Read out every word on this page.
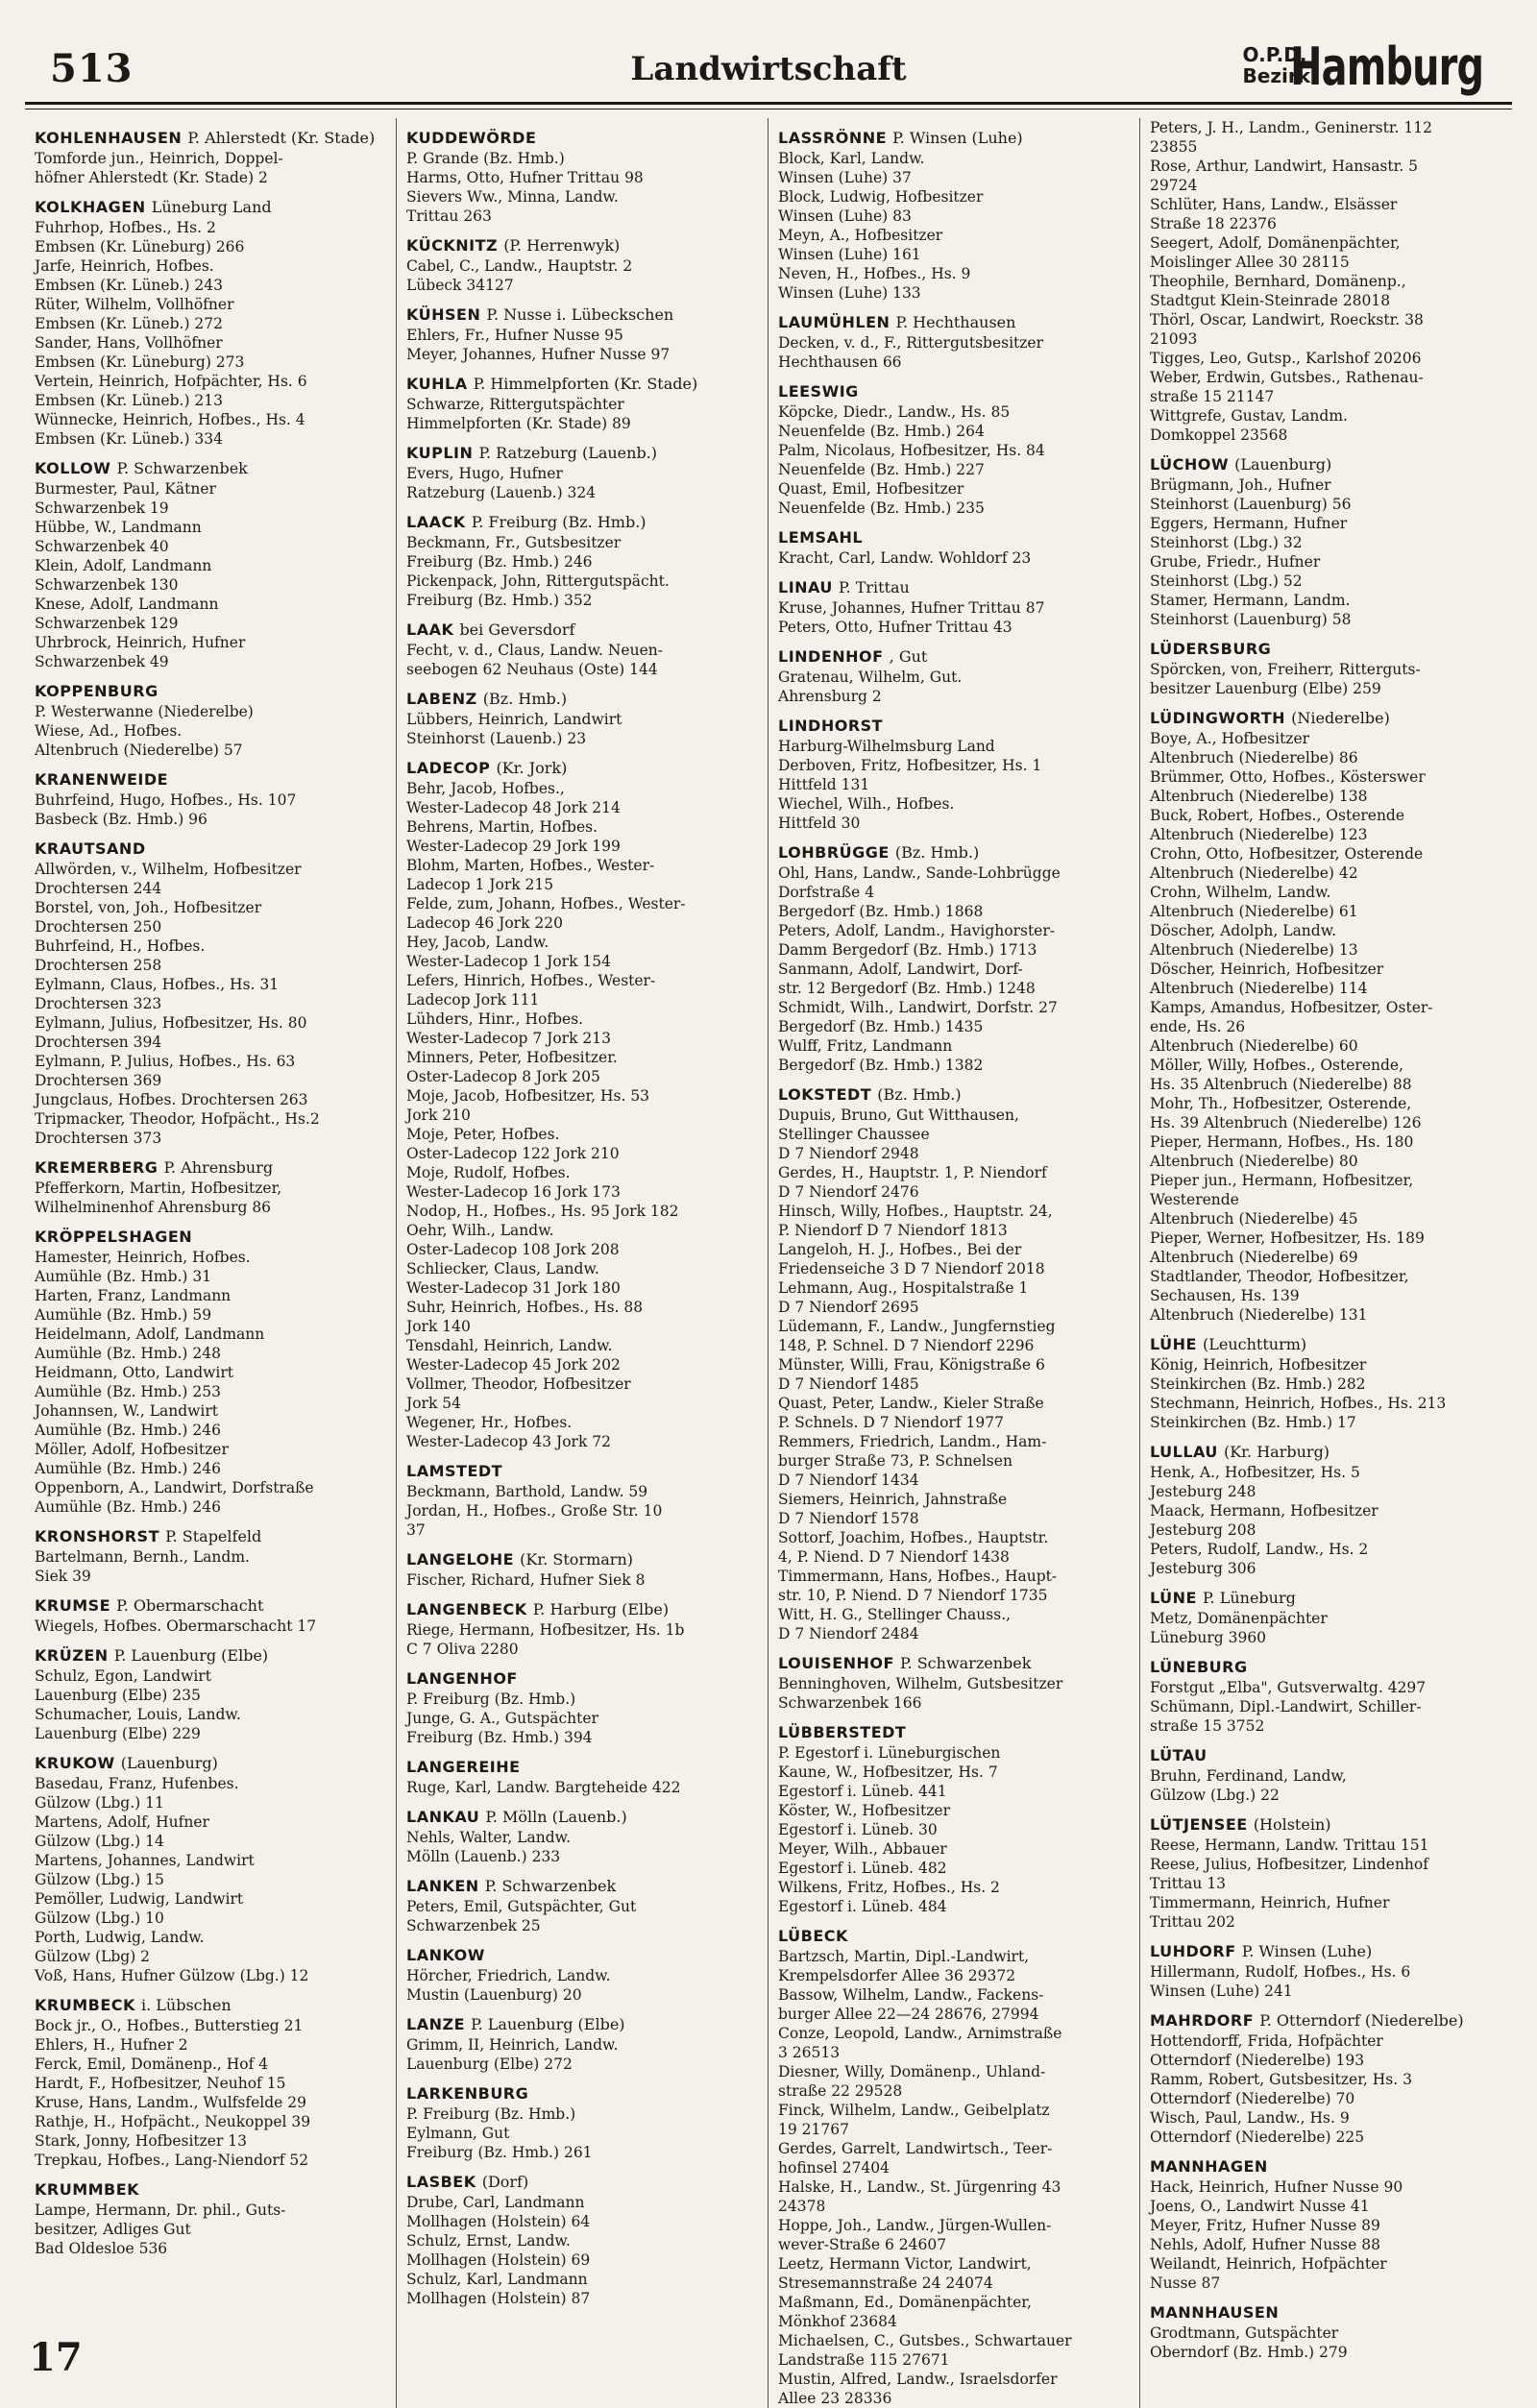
513	Landwirtschaft	O.P.D.
Bezirk
Hamburg
KOHLENHAUSEN P. Ahlerstedt (Kr. Stade)
Tomforde jun., Heinrich, Doppel-
höfner Ahlerstedt (Kr. Stade) 2
KOLKHAGEN Lüneburg Land
Fuhrhop, Hofbes., Hs. 2
Embsen (Kr. Lüneburg) 266
Jarfe, Heinrich, Hofbes.
Embsen (Kr. Lüneb.) 243
Rüter, Wilhelm, Vollhöfner
Embsen (Kr. Lüneb.) 272
Sander, Hans, Vollhöfner
Embsen (Kr. Lüneburg) 273
Vertein, Heinrich, Hofpächter, Hs. 6
Embsen (Kr. Lüneb.) 213
Wünnecke, Heinrich, Hofbes., Hs. 4
Embsen (Kr. Lüneb.) 334
KOLLOW P. Schwarzenbek
Burmester, Paul, Kätner
Schwarzenbek 19
Hübbe, W., Landmann
Schwarzenbek 40
Klein, Adolf, Landmann
Schwarzenbek 130
Knese, Adolf, Landmann
Schwarzenbek 129
Uhrbrock, Heinrich, Hufner
Schwarzenbek 49
KOPPENBURG
P. Westerwanne (Niederelbe)
Wiese, Ad., Hofbes.
Altenbruch (Niederelbe) 57
KRANENWEIDE
Buhrfeind, Hugo, Hofbes., Hs. 107
Basbeck (Bz. Hmb.) 96
KRAUTSAND
Allwörden, v., Wilhelm, Hofbesitzer
Drochtersen 244
Borstel, von, Joh., Hofbesitzer
Drochtersen 250
Buhrfeind, H., Hofbes.
Drochtersen 258
Eylmann, Claus, Hofbes., Hs. 31
Drochtersen 323
Eylmann, Julius, Hofbesitzer, Hs. 80
Drochtersen 394
Eylmann, P. Julius, Hofbes., Hs. 63
Drochtersen 369
Jungclaus, Hofbes. Drochtersen 263
Tripmacker, Theodor, Hofpächt., Hs.2
Drochtersen 373
KREMERBERG P. Ahrensburg
Pfefferkorn, Martin, Hofbesitzer,
Wilhelminenhof Ahrensburg 86
KRÖPPELSHAGEN
Hamester, Heinrich, Hofbes.
Aumühle (Bz. Hmb.) 31
Harten, Franz, Landmann
Aumühle (Bz. Hmb.) 59
Heidelmann, Adolf, Landmann
Aumühle (Bz. Hmb.) 248
Heidmann, Otto, Landwirt
Aumühle (Bz. Hmb.) 253
Johannsen, W., Landwirt
Aumühle (Bz. Hmb.) 246
Möller, Adolf, Hofbesitzer
Aumühle (Bz. Hmb.) 246
Oppenborn, A., Landwirt, Dorfstraße
Aumühle (Bz. Hmb.) 246
KRONSHORST P. Stapelfeld
Bartelmann, Bernh., Landm.
Siek 39
KRUMSE P. Obermarschacht
Wiegels, Hofbes. Obermarschacht 17
KRÜZEN P. Lauenburg (Elbe)
Schulz, Egon, Landwirt
Lauenburg (Elbe) 235
Schumacher, Louis, Landw.
Lauenburg (Elbe) 229
KRUKOW (Lauenburg)
Basedau, Franz, Hufenbes.
Gülzow (Lbg.) 11
Martens, Adolf, Hufner
Gülzow (Lbg.) 14
Martens, Johannes, Landwirt
Gülzow (Lbg.) 15
Pemöller, Ludwig, Landwirt
Gülzow (Lbg.) 10
Porth, Ludwig, Landw.
Gülzow (Lbg) 2
Voß, Hans, Hufner Gülzow (Lbg.) 12
KRUMBECK i. Lübschen
Bock jr., O., Hofbes., Butterstieg 21
Ehlers, H., Hufner 2
Ferck, Emil, Domänenp., Hof 4
Hardt, F., Hofbesitzer, Neuhof 15
Kruse, Hans, Landm., Wulfsfelde 29
Rathje, H., Hofpächt., Neukoppel 39
Stark, Jonny, Hofbesitzer 13
Trepkau, Hofbes., Lang-Niendorf 52
KRUMMBEK
Lampe, Hermann, Dr. phil., Guts-
besitzer, Adliges Gut
Bad Oldesloe 536
KUDDEWÖRDE
P. Grande (Bz. Hmb.)
Harms, Otto, Hufner Trittau 98
Sievers Ww., Minna, Landw.
Trittau 263
KÜCKNITZ (P. Herrenwyk)
Cabel, C., Landw., Hauptstr. 2
Lübeck 34127
KÜHSEN P. Nusse i. Lübeckschen
Ehlers, Fr., Hufner Nusse 95
Meyer, Johannes, Hufner Nusse 97
KUHLA P. Himmelpforten (Kr. Stade)
Schwarze, Rittergutspächter
Himmelpforten (Kr. Stade) 89
KUPLIN P. Ratzeburg (Lauenb.)
Evers, Hugo, Hufner
Ratzeburg (Lauenb.) 324
LAACK P. Freiburg (Bz. Hmb.)
Beckmann, Fr., Gutsbesitzer
Freiburg (Bz. Hmb.) 246
Pickenpack, John, Rittergutspächt.
Freiburg (Bz. Hmb.) 352
LAAK bei Geversdorf
Fecht, v. d., Claus, Landw. Neuen-
seebogen 62 Neuhaus (Oste) 144
LABENZ (Bz. Hmb.)
Lübbers, Heinrich, Landwirt
Steinhorst (Lauenb.) 23
LADECOP (Kr. Jork)
Behr, Jacob, Hofbes.,
Wester-Ladecop 48 Jork 214
Behrens, Martin, Hofbes.
Wester-Ladecop 29 Jork 199
Blohm, Marten, Hofbes., Wester-
Ladecop 1 Jork 215
Felde, zum, Johann, Hofbes., Wester-
Ladecop 46 Jork 220
Hey, Jacob, Landw.
Wester-Ladecop 1 Jork 154
Lefers, Hinrich, Hofbes., Wester-
Ladecop Jork 111
Lühders, Hinr., Hofbes.
Wester-Ladecop 7 Jork 213
Minners, Peter, Hofbesitzer.
Oster-Ladecop 8 Jork 205
Moje, Jacob, Hofbesitzer, Hs. 53
Jork 210
Moje, Peter, Hofbes.
Oster-Ladecop 122 Jork 210
Moje, Rudolf, Hofbes.
Wester-Ladecop 16 Jork 173
Nodop, H., Hofbes., Hs. 95 Jork 182
Oehr, Wilh., Landw.
Oster-Ladecop 108 Jork 208
Schliecker, Claus, Landw.
Wester-Ladecop 31 Jork 180
Suhr, Heinrich, Hofbes., Hs. 88
Jork 140
Tensdahl, Heinrich, Landw.
Wester-Ladecop 45 Jork 202
Vollmer, Theodor, Hofbesitzer
Jork 54
Wegener, Hr., Hofbes.
Wester-Ladecop 43 Jork 72
LAMSTEDT
Beckmann, Barthold, Landw. 59
Jordan, H., Hofbes., Große Str. 10
37
LANGELOHE (Kr. Stormarn)
Fischer, Richard, Hufner Siek 8
LANGENBECK P. Harburg (Elbe)
Riege, Hermann, Hofbesitzer, Hs. 1b
C 7 Oliva 2280
LANGENHOF
P. Freiburg (Bz. Hmb.)
Junge, G. A., Gutspächter
Freiburg (Bz. Hmb.) 394
LANGEREIHE
Ruge, Karl, Landw. Bargteheide 422
LANKAU P. Mölln (Lauenb.)
Nehls, Walter, Landw.
Mölln (Lauenb.) 233
LANKEN P. Schwarzenbek
Peters, Emil, Gutspächter, Gut
Schwarzenbek 25
LANKOW
Hörcher, Friedrich, Landw.
Mustin (Lauenburg) 20
LANZE P. Lauenburg (Elbe)
Grimm, II, Heinrich, Landw.
Lauenburg (Elbe) 272
LARKENBURG
P. Freiburg (Bz. Hmb.)
Eylmann, Gut
Freiburg (Bz. Hmb.) 261
LASBEK (Dorf)
Drube, Carl, Landmann
Mollhagen (Holstein) 64
Schulz, Ernst, Landw.
Mollhagen (Holstein) 69
Schulz, Karl, Landmann
Mollhagen (Holstein) 87
LASSRÖNNE P. Winsen (Luhe)
Block, Karl, Landw.
Winsen (Luhe) 37
Block, Ludwig, Hofbesitzer
Winsen (Luhe) 83
Meyn, A., Hofbesitzer
Winsen (Luhe) 161
Neven, H., Hofbes., Hs. 9
Winsen (Luhe) 133
LAUMÜHLEN P. Hechthausen
Decken, v. d., F., Rittergutsbesitzer
Hechthausen 66
LEESWIG
Köpcke, Diedr., Landw., Hs. 85
Neuenfelde (Bz. Hmb.) 264
Palm, Nicolaus, Hofbesitzer, Hs. 84
Neuenfelde (Bz. Hmb.) 227
Quast, Emil, Hofbesitzer
Neuenfelde (Bz. Hmb.) 235
LEMSAHL
Kracht, Carl, Landw. Wohldorf 23
LINAU P. Trittau
Kruse, Johannes, Hufner Trittau 87
Peters, Otto, Hufner Trittau 43
LINDENHOF , Gut
Gratenau, Wilhelm, Gut.
Ahrensburg 2
LINDHORST
Harburg-Wilhelmsburg Land
Derboven, Fritz, Hofbesitzer, Hs. 1
Hittfeld 131
Wiechel, Wilh., Hofbes.
Hittfeld 30
LOHBRÜGGE (Bz. Hmb.)
Ohl, Hans, Landw., Sande-Lohbrügge
Dorfstraße 4
Bergedorf (Bz. Hmb.) 1868
Peters, Adolf, Landm., Havighorster-
Damm Bergedorf (Bz. Hmb.) 1713
Sanmann, Adolf, Landwirt, Dorf-
str. 12 Bergedorf (Bz. Hmb.) 1248
Schmidt, Wilh., Landwirt, Dorfstr. 27
Bergedorf (Bz. Hmb.) 1435
Wulff, Fritz, Landmann
Bergedorf (Bz. Hmb.) 1382
LOKSTEDT (Bz. Hmb.)
Dupuis, Bruno, Gut Witthausen,
Stellinger Chaussee
D 7 Niendorf 2948
Gerdes, H., Hauptstr. 1, P. Niendorf
D 7 Niendorf 2476
Hinsch, Willy, Hofbes., Hauptstr. 24,
P. Niendorf D 7 Niendorf 1813
Langeloh, H. J., Hofbes., Bei der
Friedenseiche 3 D 7 Niendorf 2018
Lehmann, Aug., Hospitalstraße 1
D 7 Niendorf 2695
Lüdemann, F., Landw., Jungfernstieg
148, P. Schnel. D 7 Niendorf 2296
Münster, Willi, Frau, Königstraße 6
D 7 Niendorf 1485
Quast, Peter, Landw., Kieler Straße
P. Schnels. D 7 Niendorf 1977
Remmers, Friedrich, Landm., Ham-
burger Straße 73, P. Schnelsen
D 7 Niendorf 1434
Siemers, Heinrich, Jahnstraße
D 7 Niendorf 1578
Sottorf, Joachim, Hofbes., Hauptstr.
4, P. Niend. D 7 Niendorf 1438
Timmermann, Hans, Hofbes., Haupt-
str. 10, P. Niend. D 7 Niendorf 1735
Witt, H. G., Stellinger Chauss.,
D 7 Niendorf 2484
LOUISENHOF P. Schwarzenbek
Benninghoven, Wilhelm, Gutsbesitzer
Schwarzenbek 166
LÜBBERSTEDT
P. Egestorf i. Lüneburgischen
Kaune, W., Hofbesitzer, Hs. 7
Egestorf i. Lüneb. 441
Köster, W., Hofbesitzer
Egestorf i. Lüneb. 30
Meyer, Wilh., Abbauer
Egestorf i. Lüneb. 482
Wilkens, Fritz, Hofbes., Hs. 2
Egestorf i. Lüneb. 484
LÜBECK
Bartzsch, Martin, Dipl.-Landwirt,
Krempelsdorfer Allee 36 29372
Bassow, Wilhelm, Landw., Fackens-
burger Allee 22—24 28676, 27994
Conze, Leopold, Landw., Arnimstraße
3 26513
Diesner, Willy, Domänenp., Uhland-
straße 22 29528
Finck, Wilhelm, Landw., Geibelplatz
19 21767
Gerdes, Garrelt, Landwirtsch., Teer-
hofinsel 27404
Halske, H., Landw., St. Jürgenring 43
24378
Hoppe, Joh., Landw., Jürgen-Wullen-
wever-Straße 6 24607
Leetz, Hermann Victor, Landwirt,
Stresemannstraße 24 24074
Maßmann, Ed., Domänenpächter,
Mönkhof 23684
Michaelsen, C., Gutsbes., Schwartauer
Landstraße 115 27671
Mustin, Alfred, Landw., Israelsdorfer
Allee 23 28336
Peters, J. H., Landm., Geninerstr. 112
23855
Rose, Arthur, Landwirt, Hansastr. 5
29724
Schlüter, Hans, Landw., Elsässer
Straße 18 22376
Seegert, Adolf, Domänenpächter,
Moislinger Allee 30 28115
Theophile, Bernhard, Domänenp.,
Stadtgut Klein-Steinrade 28018
Thörl, Oscar, Landwirt, Roeckstr. 38
21093
Tigges, Leo, Gutsp., Karlshof 20206
Weber, Erdwin, Gutsbes., Rathenau-
straße 15 21147
Wittgrefe, Gustav, Landm.
Domkoppel 23568
LÜCHOW (Lauenburg)
Brügmann, Joh., Hufner
Steinhorst (Lauenburg) 56
Eggers, Hermann, Hufner
Steinhorst (Lbg.) 32
Grube, Friedr., Hufner
Steinhorst (Lbg.) 52
Stamer, Hermann, Landm.
Steinhorst (Lauenburg) 58
LÜDERSBURG
Spörcken, von, Freiherr, Ritterguts-
besitzer Lauenburg (Elbe) 259
LÜDINGWORTH (Niederelbe)
Boye, A., Hofbesitzer
Altenbruch (Niederelbe) 86
Brümmer, Otto, Hofbes., Kösterswег
Altenbruch (Niederelbe) 138
Buck, Robert, Hofbes., Osterende
Altenbruch (Niederelbe) 123
Crohn, Otto, Hofbesitzer, Osterende
Altenbruch (Niederelbe) 42
Crohn, Wilhelm, Landw.
Altenbruch (Niederelbe) 61
Döscher, Adolph, Landw.
Altenbruch (Niederelbe) 13
Döscher, Heinrich, Hofbesitzer
Altenbruch (Niederelbe) 114
Kamps, Amandus, Hofbesitzer, Oster-
ende, Hs. 26
Altenbruch (Niederelbe) 60
Möller, Willy, Hofbes., Osterende,
Hs. 35 Altenbruch (Niederelbe) 88
Mohr, Th., Hofbesitzer, Osterende,
Hs. 39 Altenbruch (Niederelbe) 126
Pieper, Hermann, Hofbes., Hs. 180
Altenbruch (Niederelbe) 80
Pieper jun., Hermann, Hofbesitzer,
Westerende
Altenbruch (Niederelbe) 45
Pieper, Werner, Hofbesitzer, Hs. 189
Altenbruch (Niederelbe) 69
Stadtlander, Theodor, Hofbesitzer,
Sechausen, Hs. 139
Altenbruch (Niederelbe) 131
LÜHE (Leuchtturm)
König, Heinrich, Hofbesitzer
Steinkirchen (Bz. Hmb.) 282
Stechmann, Heinrich, Hofbes., Hs. 213
Steinkirchen (Bz. Hmb.) 17
LULLAU (Kr. Harburg)
Henk, A., Hofbesitzer, Hs. 5
Jesteburg 248
Maack, Hermann, Hofbesitzer
Jesteburg 208
Peters, Rudolf, Landw., Hs. 2
Jesteburg 306
LÜNE P. Lüneburg
Metz, Domänenpächter
Lüneburg 3960
LÜNEBURG
Forstgut „Elba", Gutsverwaltg. 4297
Schümann, Dipl.-Landwirt, Schiller-
straße 15 3752
LÜTAU
Bruhn, Ferdinand, Landw,
Gülzow (Lbg.) 22
LÜTJENSEE (Holstein)
Reese, Hermann, Landw. Trittau 151
Reese, Julius, Hofbesitzer, Lindenhof
Trittau 13
Timmermann, Heinrich, Hufner
Trittau 202
LUHDORF P. Winsen (Luhe)
Hillermann, Rudolf, Hofbes., Hs. 6
Winsen (Luhe) 241
MAHRDORF P. Otterndorf (Niederelbe)
Hottendorff, Frida, Hofpächter
Otterndorf (Niederelbe) 193
Ramm, Robert, Gutsbesitzer, Hs. 3
Otterndorf (Niederelbe) 70
Wisch, Paul, Landw., Hs. 9
Otterndorf (Niederelbe) 225
MANNHAGEN
Hack, Heinrich, Hufner Nusse 90
Joens, O., Landwirt Nusse 41
Meyer, Fritz, Hufner Nusse 89
Nehls, Adolf, Hufner Nusse 88
Weilandt, Heinrich, Hofpächter
Nusse 87
MANNHAUSEN
Grodtmann, Gutspächter
Oberndorf (Bz. Hmb.) 279
17
